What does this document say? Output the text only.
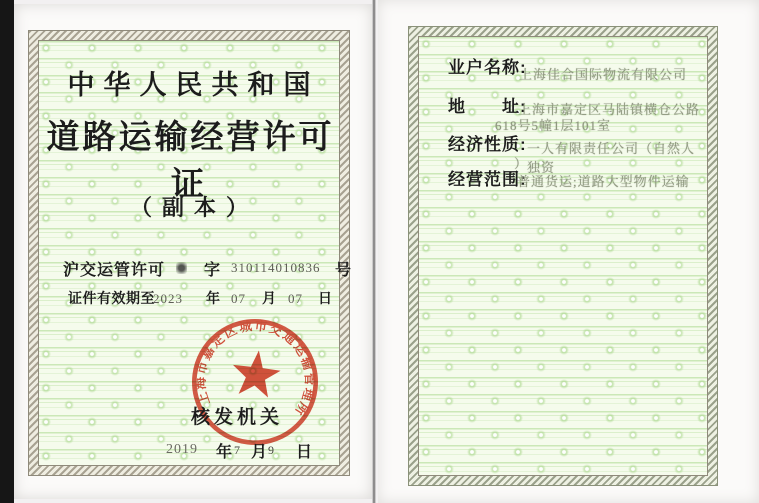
中华人民共和国
道路运输经营许可证
（副本）
沪交运管许可 字 310114010836 号
证件有效期至
2023 年 07 月 07 日
上海市嘉定区城市交通运输管理所
核发机关
2019 年 7 月 9 日
业户名称:
上海佳合国际物流有限公司
地　　址:
上海市嘉定区马陆镇横仓公路
618号5幢1层101室
经济性质: 一人有限责任公司（自然人独资
）
经营范围:
普通货运;道路大型物件运输
